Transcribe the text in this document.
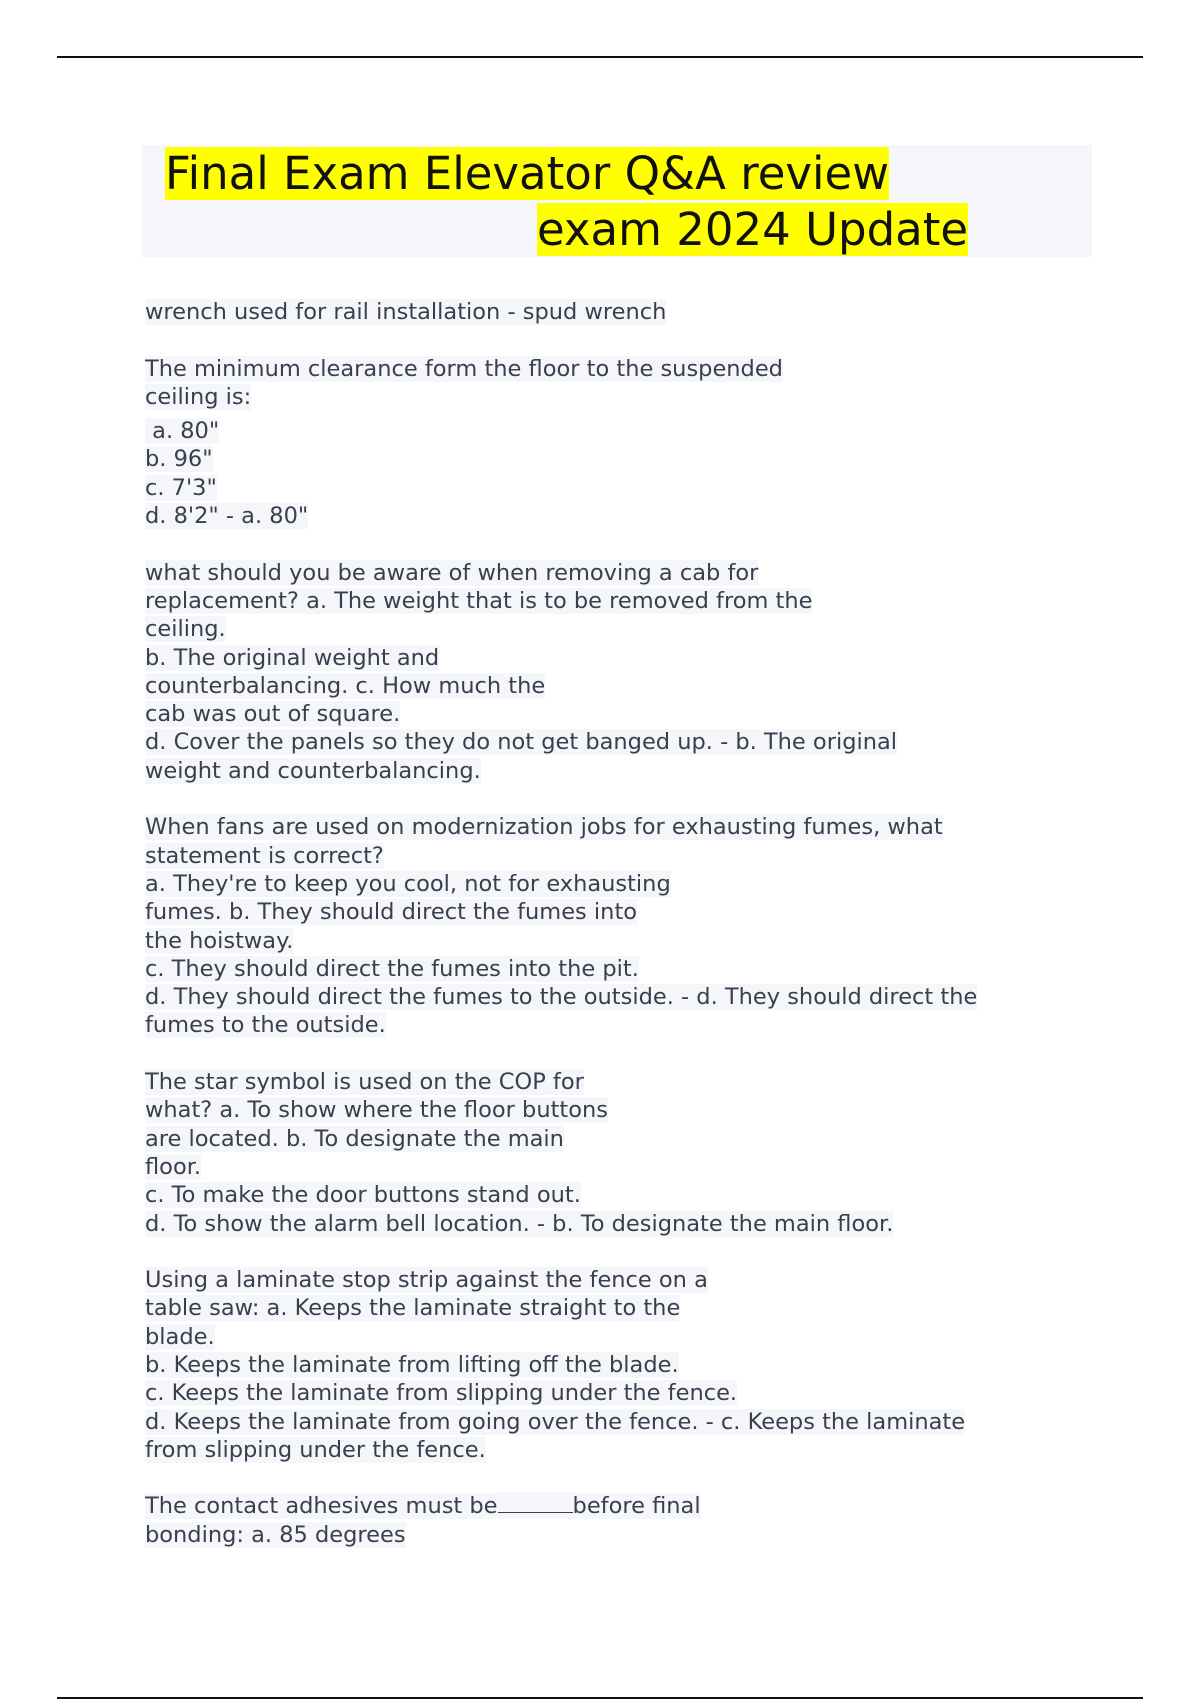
Final Exam Elevator Q&A review
exam 2024 Update
wrench used for rail installation - spud wrench
The minimum clearance form the floor to the suspended
ceiling is:
a. 80"
b. 96"
c. 7'3"
d. 8'2" - a. 80"
what should you be aware of when removing a cab for
replacement? a. The weight that is to be removed from the
ceiling.
b. The original weight and
counterbalancing. c. How much the
cab was out of square.
d. Cover the panels so they do not get banged up. - b. The original
weight and counterbalancing.
When fans are used on modernization jobs for exhausting fumes, what
statement is correct?
a. They're to keep you cool, not for exhausting
fumes. b. They should direct the fumes into
the hoistway.
c. They should direct the fumes into the pit.
d. They should direct the fumes to the outside. - d. They should direct the
fumes to the outside.
The star symbol is used on the COP for
what? a. To show where the floor buttons
are located. b. To designate the main
floor.
c. To make the door buttons stand out.
d. To show the alarm bell location. - b. To designate the main floor.
Using a laminate stop strip against the fence on a
table saw: a. Keeps the laminate straight to the
blade.
b. Keeps the laminate from lifting off the blade.
c. Keeps the laminate from slipping under the fence.
d. Keeps the laminate from going over the fence. - c. Keeps the laminate
from slipping under the fence.
The contact adhesives must be	before final
bonding: a. 85 degrees
